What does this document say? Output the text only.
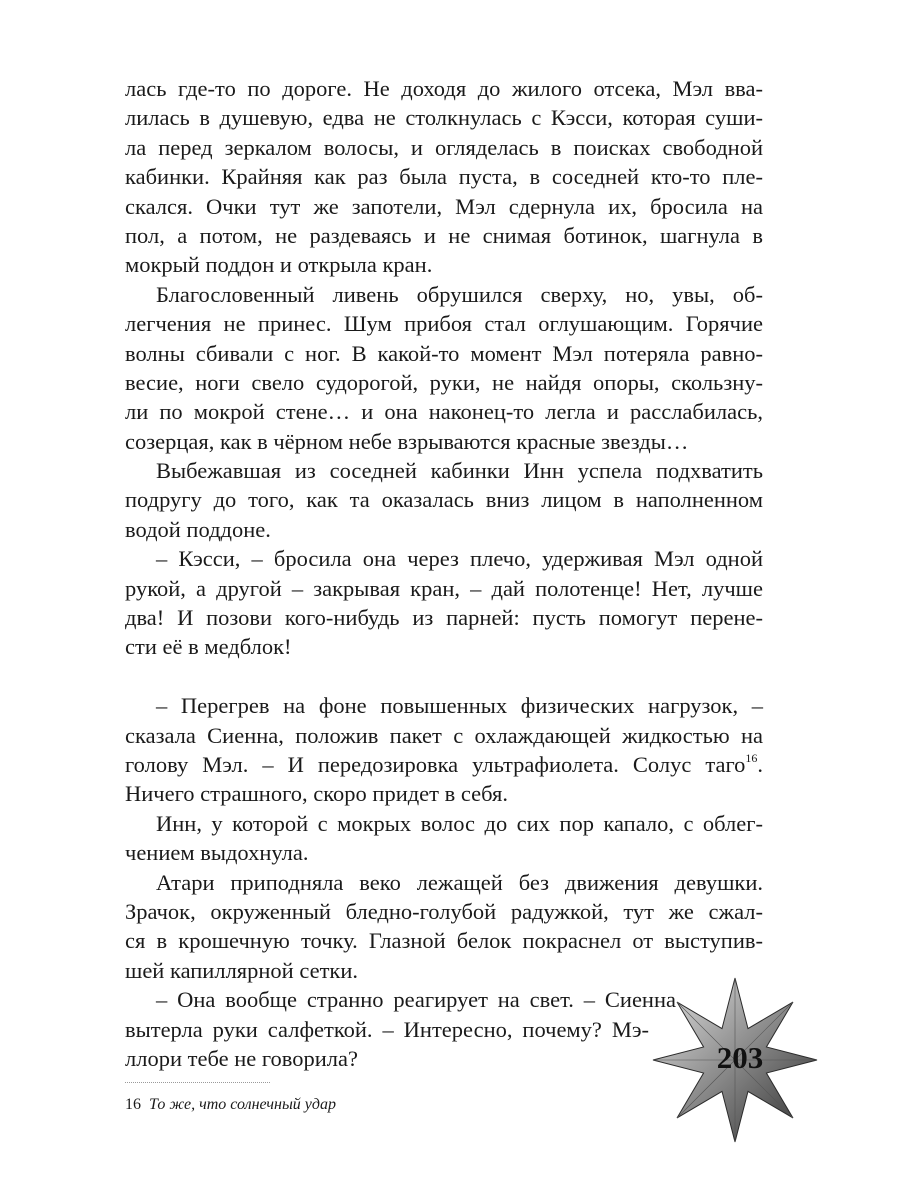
лась где-то по дороге. Не доходя до жилого отсека, Мэл вва-
лилась в душевую, едва не столкнулась с Кэсси, которая суши-
ла перед зеркалом волосы, и огляделась в поисках свободной
кабинки. Крайняя как раз была пуста, в соседней кто-то пле-
скался. Очки тут же запотели, Мэл сдернула их, бросила на
пол, а потом, не раздеваясь и не снимая ботинок, шагнула в
мокрый поддон и открыла кран.
Благословенный ливень обрушился сверху, но, увы, об-
легчения не принес. Шум прибоя стал оглушающим. Горячие
волны сбивали с ног. В какой-то момент Мэл потеряла равно-
весие, ноги свело судорогой, руки, не найдя опоры, скользну-
ли по мокрой стене… и она наконец-то легла и расслабилась,
созерцая, как в чёрном небе взрываются красные звезды…
Выбежавшая из соседней кабинки Инн успела подхватить
подругу до того, как та оказалась вниз лицом в наполненном
водой поддоне.
– Кэсси, – бросила она через плечо, удерживая Мэл одной
рукой, а другой – закрывая кран, – дай полотенце! Нет, лучше
два! И позови кого-нибудь из парней: пусть помогут перене-
сти её в медблок!
– Перегрев на фоне повышенных физических нагрузок, –
сказала Сиенна, положив пакет с охлаждающей жидкостью на
голову Мэл. – И передозировка ультрафиолета. Солус таго$^{16}$.
Ничего страшного, скоро придет в себя.
Инн, у которой с мокрых волос до сих пор капало, с облег-
чением выдохнула.
Атари приподняла веко лежащей без движения девушки.
Зрачок, окруженный бледно-голубой радужкой, тут же сжал-
ся в крошечную точку. Глазной белок покраснел от выступив-
шей капиллярной сетки.
– Она вообще странно реагирует на свет. – Сиенна
вытерла руки салфеткой. – Интересно, почему? Мэ-
ллори тебе не говорила?
16 То же, что солнечный удар
203
